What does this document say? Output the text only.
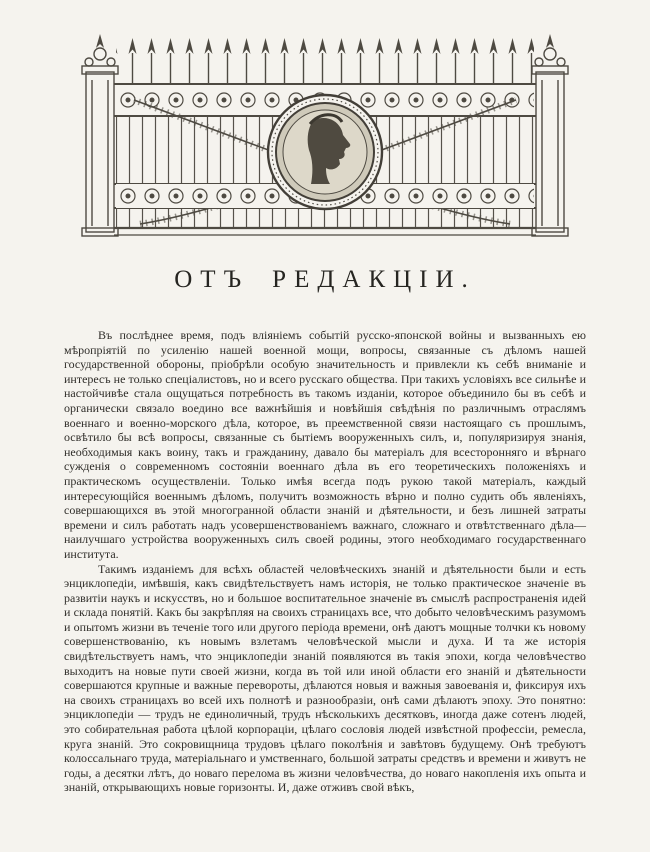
ОТЪ РЕДАКЦІИ.

Въ послѣднее время, подъ вліяніемъ событій русско-японской войны и вызванныхъ ею мѣропріятій по усиленію нашей военной мощи, вопросы, связанные съ дѣломъ нашей государственной обороны, пріобрѣли особую значительность и привлекли къ себѣ вниманіе и интересъ не только спеціалистовъ, но и всего русскаго общества. При такихъ условіяхъ все сильнѣе и настойчивѣе стала ощущаться потребность въ такомъ изданіи, которое объединило бы въ себѣ и органически связало воедино все важнѣйшія и новѣйшія свѣдѣнія по различнымъ отраслямъ военнаго и военно-морского дѣла, которое, въ преемственной связи настоящаго съ прошлымъ, освѣтило бы всѣ вопросы, связанные съ бытіемъ вооруженныхъ силъ, и, популяризируя знанія, необходимыя какъ воину, такъ и гражданину, давало бы матеріалъ для всесторонняго и вѣрнаго сужденія о современномъ состояніи военнаго дѣла въ его теоретическихъ положеніяхъ и практическомъ осуществленіи. Только имѣя всегда подъ рукою такой матеріалъ, каждый интересующійся военнымъ дѣломъ, получитъ возможность вѣрно и полно судить объ явленіяхъ, совершающихся въ этой многогранной области знаній и дѣятельности, и безъ лишней затраты времени и силъ работать надъ усовершенствованіемъ важнаго, сложнаго и отвѣтственнаго дѣла—наилучшаго устройства вооруженныхъ силъ своей родины, этого необходимаго государственнаго института.

Такимъ изданіемъ для всѣхъ областей человѣческихъ знаній и дѣятельности были и есть энциклопедіи, имѣвшія, какъ свидѣтельствуетъ намъ исторія, не только практическое значеніе въ развитіи наукъ и искусствъ, но и большое воспитательное значеніе въ смыслѣ распространенія идей и склада понятій. Какъ бы закрѣпляя на своихъ страницахъ все, что добыто человѣческимъ разумомъ и опытомъ жизни въ теченіе того или другого періода времени, онѣ даютъ мощные толчки къ новому совершенствованію, къ новымъ взлетамъ человѣческой мысли и духа. И та же исторія свидѣтельствуетъ намъ, что энциклопедіи знаній появляются въ такія эпохи, когда человѣчество выходитъ на новые пути своей жизни, когда въ той или иной области его знаній и дѣятельности совершаются крупные и важные перевороты, дѣлаются новыя и важныя завоеванія и, фиксируя ихъ на своихъ страницахъ во всей ихъ полнотѣ и разнообразіи, онѣ сами дѣлаютъ эпоху. Это понятно: энциклопедіи — трудъ не единоличный, трудъ нѣсколькихъ десятковъ, иногда даже сотенъ людей, это собирательная работа цѣлой корпораціи, цѣлаго сословія людей извѣстной профессіи, ремесла, круга знаній. Это сокровищница трудовъ цѣлаго поколѣнія и завѣтовъ будущему. Онѣ требуютъ колоссальнаго труда, матеріальнаго и умственнаго, большой затраты средствъ и времени и живутъ не годы, а десятки лѣтъ, до новаго перелома въ жизни человѣчества, до новаго накопленія ихъ опыта и знаній, открывающихъ новые горизонты. И, даже отживъ свой вѣкъ,
